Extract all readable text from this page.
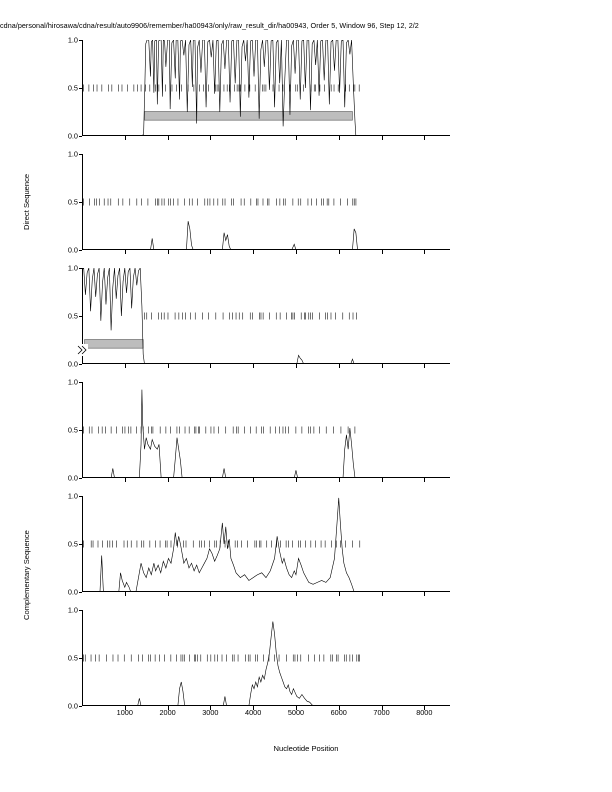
cdna/personal/hirosawa/cdna/result/auto9906/remember/ha00943/only/raw_result_dir/ha00943, Order 5, Window 96, Step 12, 2/2
Direct Sequence
Complementary Sequence
Nucleotide Position
0.0
0.5
1.0
0.0
0.5
1.0
0.0
0.5
1.0
0.0
0.5
1.0
0.0
0.5
1.0
0.0
0.5
1.0
1000	2000	3000	4000	5000	6000	7000	8000
